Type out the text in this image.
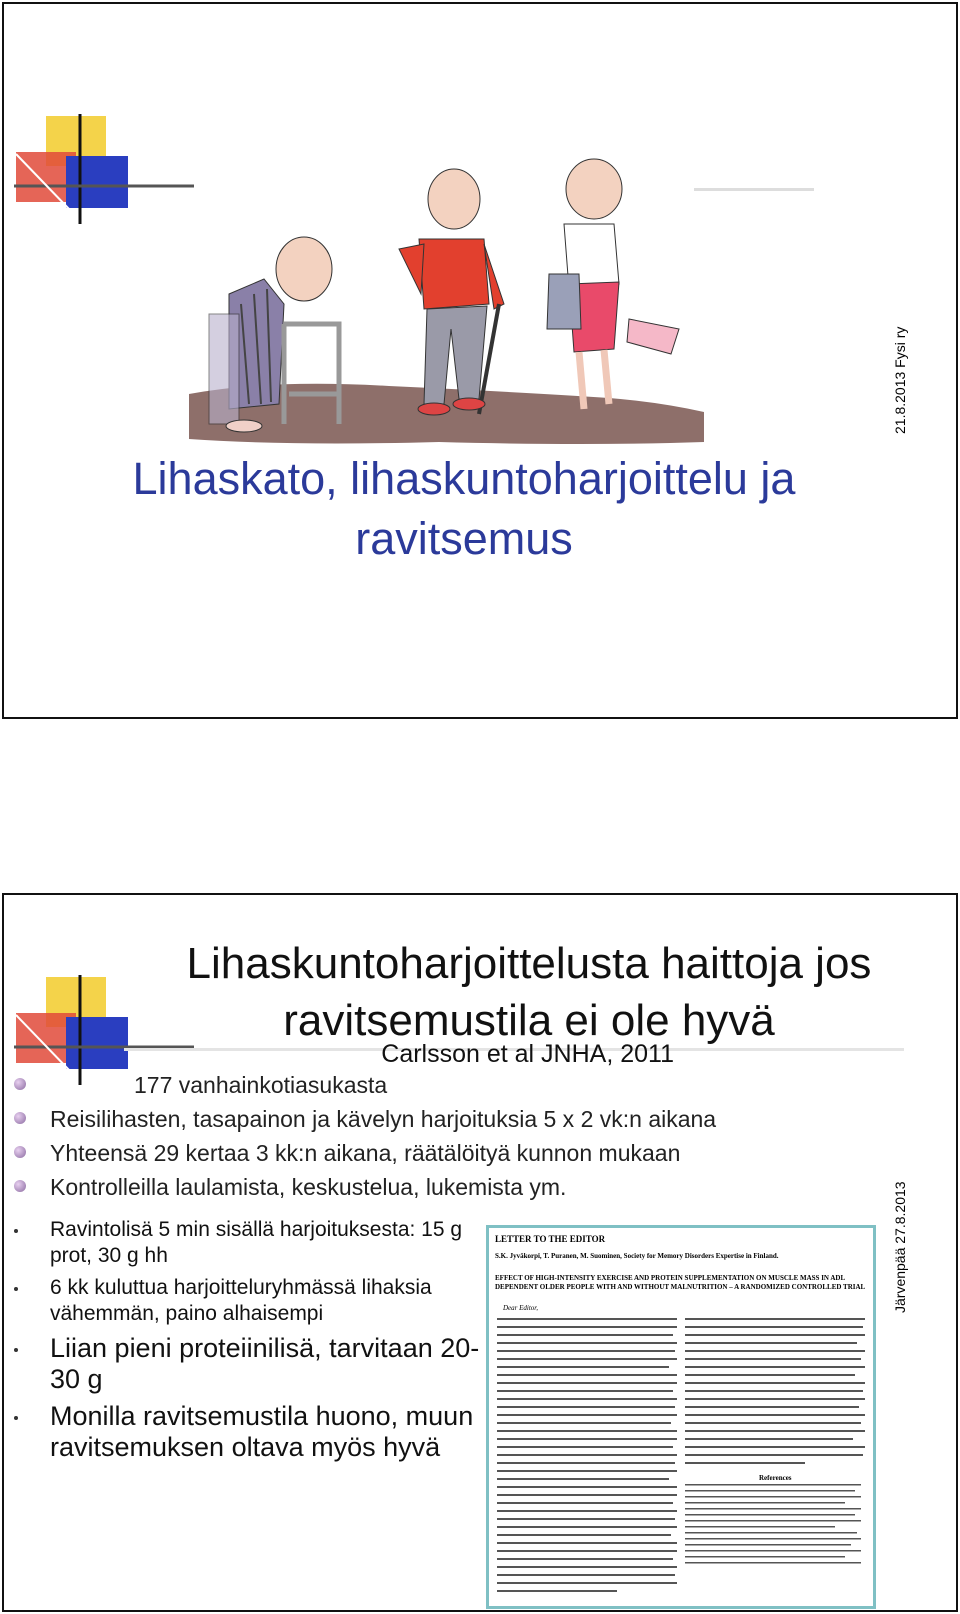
Lihaskato, lihaskuntoharjoittelu ja ravitsemus
21.8.2013 Fysi ry
Lihaskuntoharjoittelusta haittoja jos ravitsemustila ei ole hyvä
Carlsson et al JNHA, 2011
177 vanhainkotiasukasta
Reisilihasten, tasapainon ja kävelyn harjoituksia 5 x 2 vk:n aikana
Yhteensä 29 kertaa 3 kk:n aikana, räätälöityä kunnon mukaan
Kontrolleilla laulamista, keskustelua, lukemista ym.
Ravintolisä 5 min sisällä harjoituksesta: 15 g prot, 30 g hh
6 kk kuluttua harjoitteluryhmässä lihaksia vähemmän, paino alhaisempi
Liian pieni proteiinilisä, tarvitaan 20-30 g
Monilla ravitsemustila huono, muun ravitsemuksen oltava myös hyvä
LETTER TO THE EDITOR
S.K. Jyväkorpi, T. Puranen, M. Suominen, Society for Memory Disorders Expertise in Finland.
EFFECT OF HIGH-INTENSITY EXERCISE AND PROTEIN SUPPLEMENTATION ON MUSCLE MASS IN ADL DEPENDENT OLDER PEOPLE WITH AND WITHOUT MALNUTRITION – A RANDOMIZED CONTROLLED TRIAL
Dear Editor,
References
Järvenpää 27.8.2013
